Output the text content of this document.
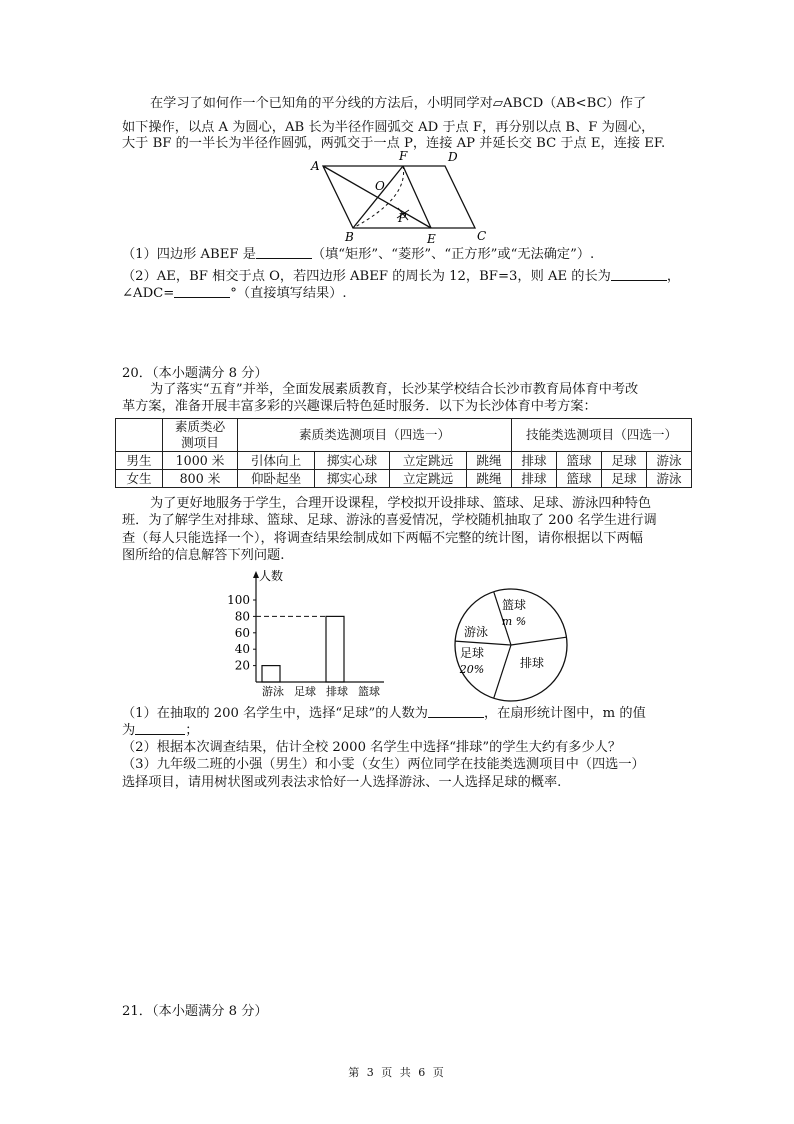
在学习了如何作一个已知角的平分线的方法后，小明同学对▱ABCD（AB<BC）作了
如下操作，以点 A 为圆心，AB 长为半径作圆弧交 AD 于点 F，再分别以点 B、F 为圆心，
大于 BF 的一半长为半径作圆弧，两弧交于一点 P，连接 AP 并延长交 BC 于点 E，连接 EF.
A
F	D
O
P
B	E	C
（1）四边形 ABEF 是	（填“矩形”、“菱形”、“正方形”或“无法确定”）.
（2）AE，BF 相交于点 O，若四边形 ABEF 的周长为 12，BF=3，则 AE 的长为	，
∠ADC=	°（直接填写结果）.
20．（本小题满分 8 分）
为了落实“五育”并举，全面发展素质教育，长沙某学校结合长沙市教育局体育中考改
革方案，准备开展丰富多彩的兴趣课后特色延时服务．以下为长沙体育中考方案：

	素质类必
测项目	素质类选测项目（四选一）				技能类选测项目（四选一）			
男生	1000 米	引体向上	掷实心球	立定跳远	跳绳	排球	篮球	足球	游泳
女生	800 米	仰卧起坐	掷实心球	立定跳远	跳绳	排球	篮球	足球	游泳
为了更好地服务于学生，合理开设课程，学校拟开设排球、篮球、足球、游泳四种特色
班．为了解学生对排球、篮球、足球、游泳的喜爱情况，学校随机抽取了 200 名学生进行调
查（每人只能选择一个），将调查结果绘制成如下两幅不完整的统计图，请你根据以下两幅
图所给的信息解答下列问题.
人数
20
40
60
80
100
游泳 足球 排球 篮球
篮球
m %
排球
足球
20%
游泳
（1）在抽取的 200 名学生中，选择“足球”的人数为	，在扇形统计图中，m 的值
为	；
（2）根据本次调查结果，估计全校 2000 名学生中选择“排球”的学生大约有多少人？
（3）九年级二班的小强（男生）和小雯（女生）两位同学在技能类选测项目中（四选一）
选择项目，请用树状图或列表法求恰好一人选择游泳、一人选择足球的概率.
21．（本小题满分 8 分）
第 3 页 共 6 页
